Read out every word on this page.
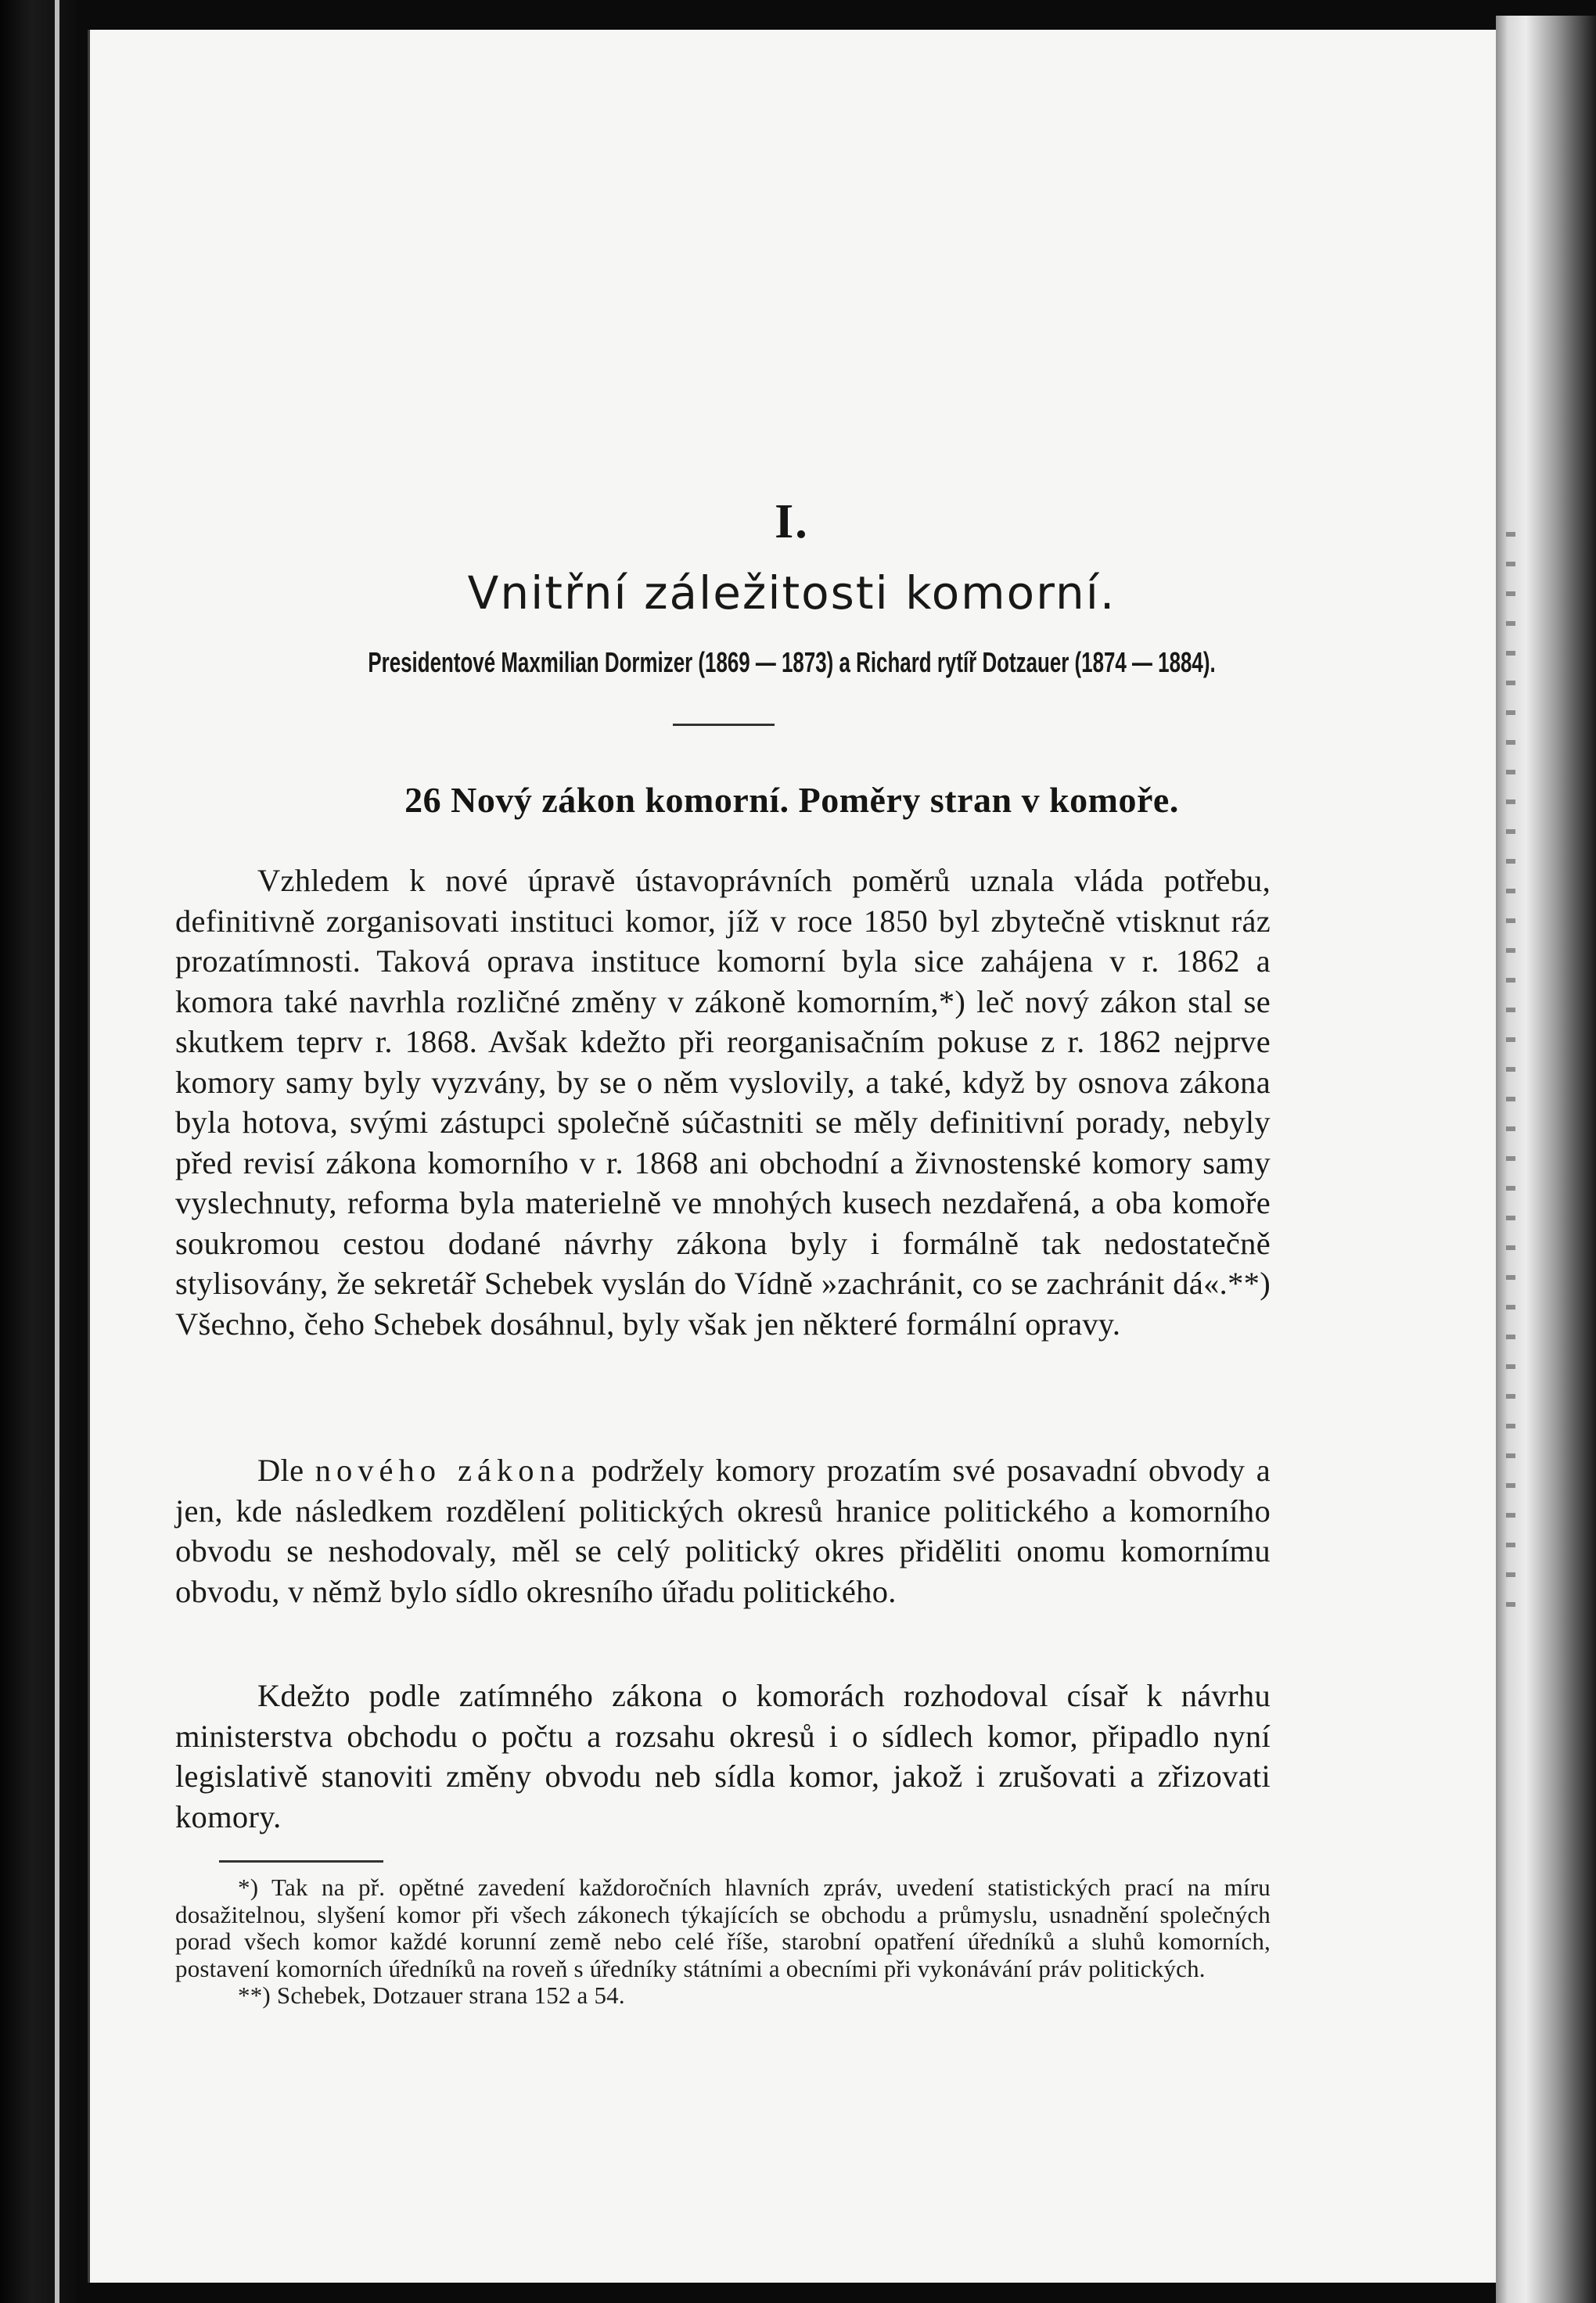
I.
Vnitřní záležitosti komorní.
Presidentové Maxmilian Dormizer (1869 — 1873) a Richard rytíř Dotzauer (1874 — 1884).
26 Nový zákon komorní. Poměry stran v komoře.

Vzhledem k nové úpravě ústavoprávních poměrů uznala vláda potřebu, definitivně zorganisovati instituci komor, jíž v roce 1850 byl zbytečně vtisknut ráz prozatímnosti. Taková oprava instituce komorní byla sice zahájena v r. 1862 a komora také navrhla rozličné změny v zákoně komorním,*) leč nový zákon stal se skutkem teprv r. 1868. Avšak kdežto při reorganisačním pokuse z r. 1862 nejprve komory samy byly vyzvány, by se o něm vyslovily, a také, když by osnova zákona byla hotova, svými zástupci společně súčastniti se měly definitivní porady, nebyly před revisí zákona komorního v r. 1868 ani obchodní a živnostenské komory samy vyslechnuty, reforma byla materielně ve mnohých kusech nezdařená, a oba komoře soukromou cestou dodané návrhy zákona byly i formálně tak nedostatečně stylisovány, že sekretář Schebek vyslán do Vídně »zachránit, co se zachránit dá«.**) Všechno, čeho Schebek dosáhnul, byly však jen některé formální opravy.

Dle nového zákona podržely komory prozatím své posavadní obvody a jen, kde následkem rozdělení politických okresů hranice politického a komorního obvodu se neshodovaly, měl se celý politický okres přiděliti onomu komornímu obvodu, v němž bylo sídlo okresního úřadu politického.

Kdežto podle zatímného zákona o komorách rozhodoval císař k návrhu ministerstva obchodu o počtu a rozsahu okresů i o sídlech komor, připadlo nyní legislativě stanoviti změny obvodu neb sídla komor, jakož i zrušovati a zřizovati komory.

*) Tak na př. opětné zavedení každoročních hlavních zpráv, uvedení statistických prací na míru dosažitelnou, slyšení komor při všech zákonech týkajících se obchodu a průmyslu, usnadnění společných porad všech komor každé korunní země nebo celé říše, starobní opatření úředníků a sluhů komorních, postavení komorních úředníků na roveň s úředníky státními a obecními při vykonávání práv politických.

**) Schebek, Dotzauer strana 152 a 54.
